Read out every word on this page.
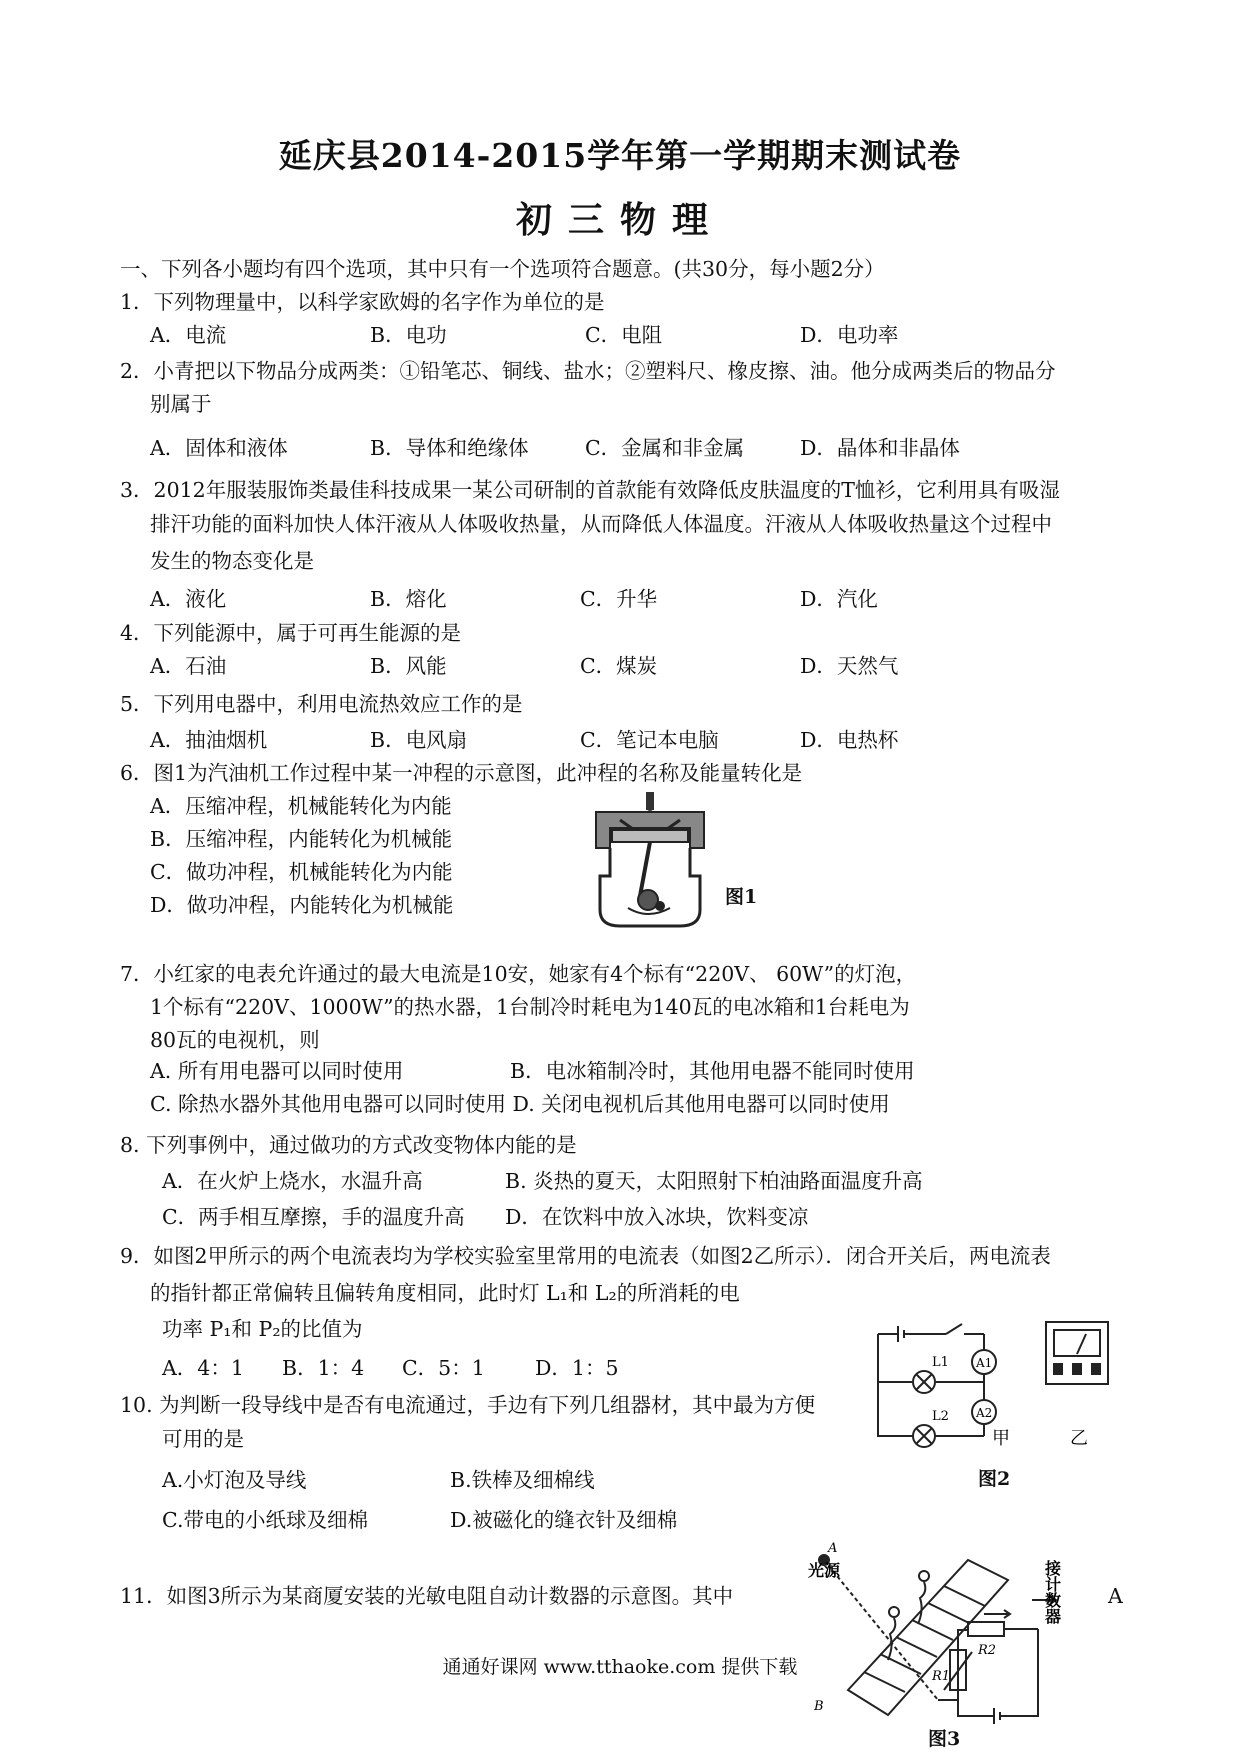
延庆县2014-2015学年第一学期期末测试卷
初三物理
一、下列各小题均有四个选项，其中只有一个选项符合题意。(共30分，每小题2分）
1．下列物理量中，以科学家欧姆的名字作为单位的是
A．电流	B．电功	C．电阻	D．电功率
2．小青把以下物品分成两类：①铅笔芯、铜线、盐水；②塑料尺、橡皮擦、油。他分成两类后的物品分
别属于
A．固体和液体	B．导体和绝缘体	C．金属和非金属	D．晶体和非晶体
3．2012年服装服饰类最佳科技成果一某公司研制的首款能有效降低皮肤温度的T恤衫，它利用具有吸湿
排汗功能的面料加快人体汗液从人体吸收热量，从而降低人体温度。汗液从人体吸收热量这个过程中
发生的物态变化是
A．液化	B．熔化	C．升华	D．汽化
4．下列能源中，属于可再生能源的是
A．石油	B．风能	C．煤炭	D．天然气
5．下列用电器中，利用电流热效应工作的是
A．抽油烟机	B．电风扇	C．笔记本电脑	D．电热杯
6．图1为汽油机工作过程中某一冲程的示意图，此冲程的名称及能量转化是
A．压缩冲程，机械能转化为内能
B．压缩冲程，内能转化为机械能
C．做功冲程，机械能转化为内能
D．做功冲程，内能转化为机械能	图1
7．小红家的电表允许通过的最大电流是10安，她家有4个标有“220V、 60W”的灯泡，
1个标有“220V、1000W”的热水器，1台制冷时耗电为140瓦的电冰箱和1台耗电为
80瓦的电视机，则
A. 所有用电器可以同时使用	B．电冰箱制冷时，其他用电器不能同时使用
C. 除热水器外其他用电器可以同时使用 D. 关闭电视机后其他用电器可以同时使用
8. 下列事例中，通过做功的方式改变物体内能的是
A．在火炉上烧水，水温升高	B. 炎热的夏天，太阳照射下柏油路面温度升高
C．两手相互摩擦，手的温度升高 D．在饮料中放入冰块，饮料变凉
9．如图2甲所示的两个电流表均为学校实验室里常用的电流表（如图2乙所示）．闭合开关后，两电流表
的指针都正常偏转且偏转角度相同，此时灯 L₁和 L₂的所消耗的电
功率 P₁和 P₂的比值为
A．4：1 B．1：4 C．5：1 D．1：5	L1
L2
A1
A2
甲	乙
图2
10. 为判断一段导线中是否有电流通过，手边有下列几组器材，其中最为方便
可用的是
A.小灯泡及导线	B.铁棒及细棉线
C.带电的小纸球及细棉	D.被磁化的缝衣针及细棉
11．如图3所示为某商厦安装的光敏电阻自动计数器的示意图。其中	A
光源
A
B
R2
R1
接计数器
图3
通通好课网 www.tthaoke.com 提供下载
